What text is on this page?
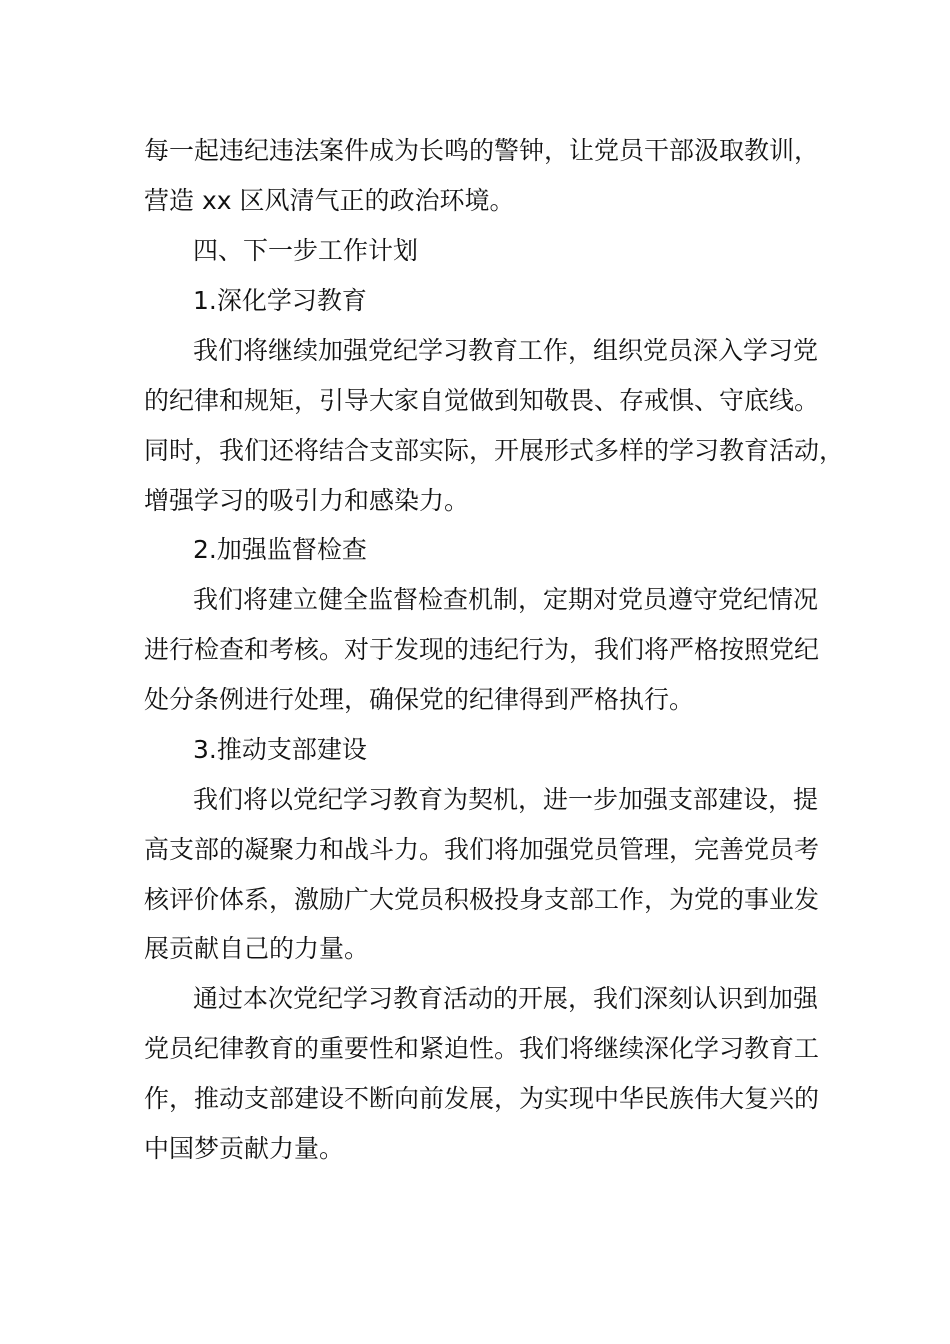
每一起违纪违法案件成为长鸣的警钟，让党员干部汲取教训，
营造 xx 区风清气正的政治环境。
四、下一步工作计划
1.深化学习教育
我们将继续加强党纪学习教育工作，组织党员深入学习党
的纪律和规矩，引导大家自觉做到知敬畏、存戒惧、守底线。
同时，我们还将结合支部实际，开展形式多样的学习教育活动，
增强学习的吸引力和感染力。
2.加强监督检查
我们将建立健全监督检查机制，定期对党员遵守党纪情况
进行检查和考核。对于发现的违纪行为，我们将严格按照党纪
处分条例进行处理，确保党的纪律得到严格执行。
3.推动支部建设
我们将以党纪学习教育为契机，进一步加强支部建设，提
高支部的凝聚力和战斗力。我们将加强党员管理，完善党员考
核评价体系，激励广大党员积极投身支部工作，为党的事业发
展贡献自己的力量。
通过本次党纪学习教育活动的开展，我们深刻认识到加强
党员纪律教育的重要性和紧迫性。我们将继续深化学习教育工
作，推动支部建设不断向前发展，为实现中华民族伟大复兴的
中国梦贡献力量。
